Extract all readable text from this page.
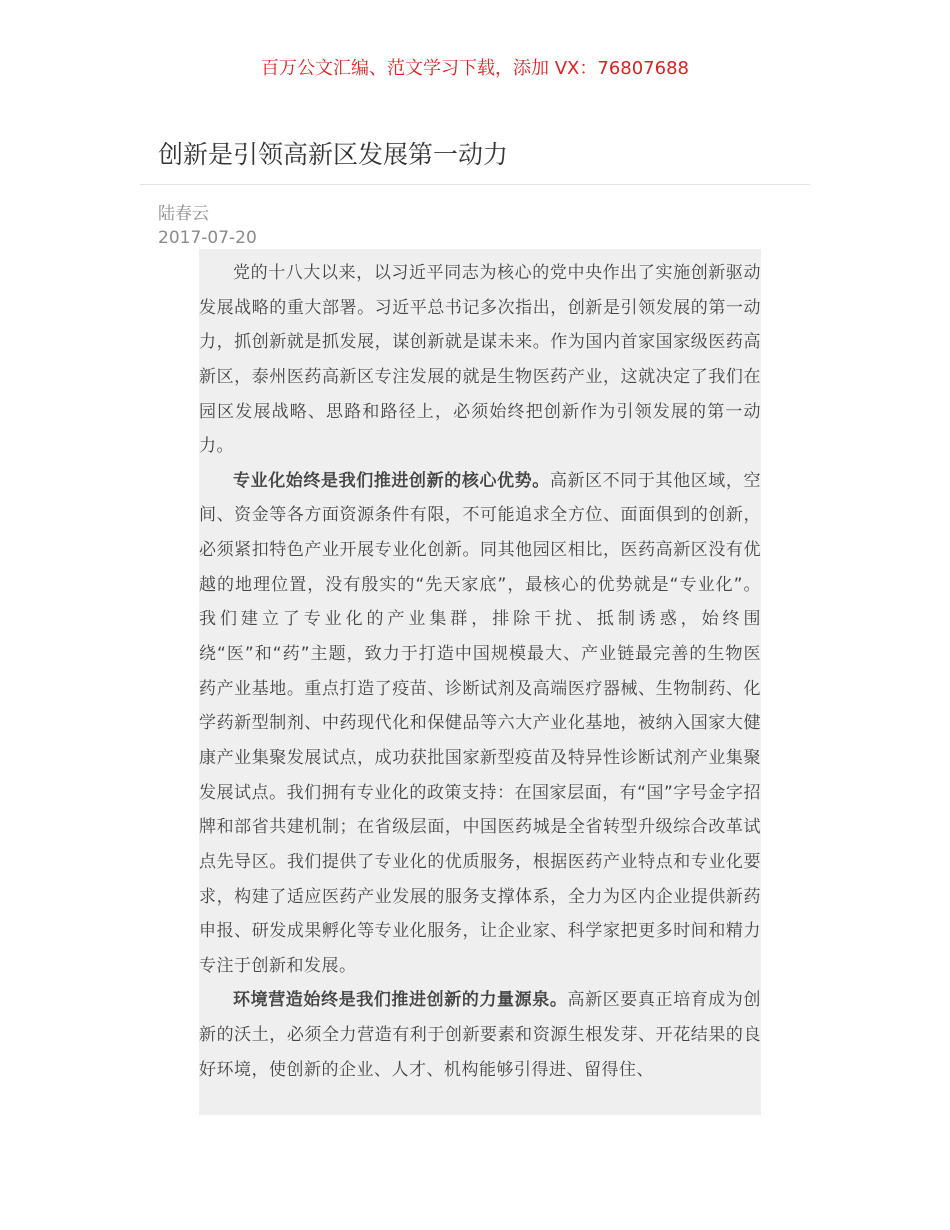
百万公文汇编、范文学习下载，添加 VX：76807688
创新是引领高新区发展第一动力
陆春云
2017-07-20

党的十八大以来，以习近平同志为核心的党中央作出了实施创新驱动发展战略的重大部署。习近平总书记多次指出，创新是引领发展的第一动力，抓创新就是抓发展，谋创新就是谋未来。作为国内首家国家级医药高新区，泰州医药高新区专注发展的就是生物医药产业，这就决定了我们在园区发展战略、思路和路径上，必须始终把创新作为引领发展的第一动力。

专业化始终是我们推进创新的核心优势。高新区不同于其他区域，空间、资金等各方面资源条件有限，不可能追求全方位、面面俱到的创新，必须紧扣特色产业开展专业化创新。同其他园区相比，医药高新区没有优越的地理位置，没有殷实的“先天家底”，最核心的优势就是“专业化”。我们建立了专业化的产业集群，排除干扰、抵制诱惑，始终围绕“医”和“药”主题，致力于打造中国规模最大、产业链最完善的生物医药产业基地。重点打造了疫苗、诊断试剂及高端医疗器械、生物制药、化学药新型制剂、中药现代化和保健品等六大产业化基地，被纳入国家大健康产业集聚发展试点，成功获批国家新型疫苗及特异性诊断试剂产业集聚发展试点。我们拥有专业化的政策支持：在国家层面，有“国”字号金字招牌和部省共建机制；在省级层面，中国医药城是全省转型升级综合改革试点先导区。我们提供了专业化的优质服务，根据医药产业特点和专业化要求，构建了适应医药产业发展的服务支撑体系，全力为区内企业提供新药申报、研发成果孵化等专业化服务，让企业家、科学家把更多时间和精力专注于创新和发展。

环境营造始终是我们推进创新的力量源泉。高新区要真正培育成为创新的沃土，必须全力营造有利于创新要素和资源生根发芽、开花结果的良好环境，使创新的企业、人才、机构能够引得进、留得住、
